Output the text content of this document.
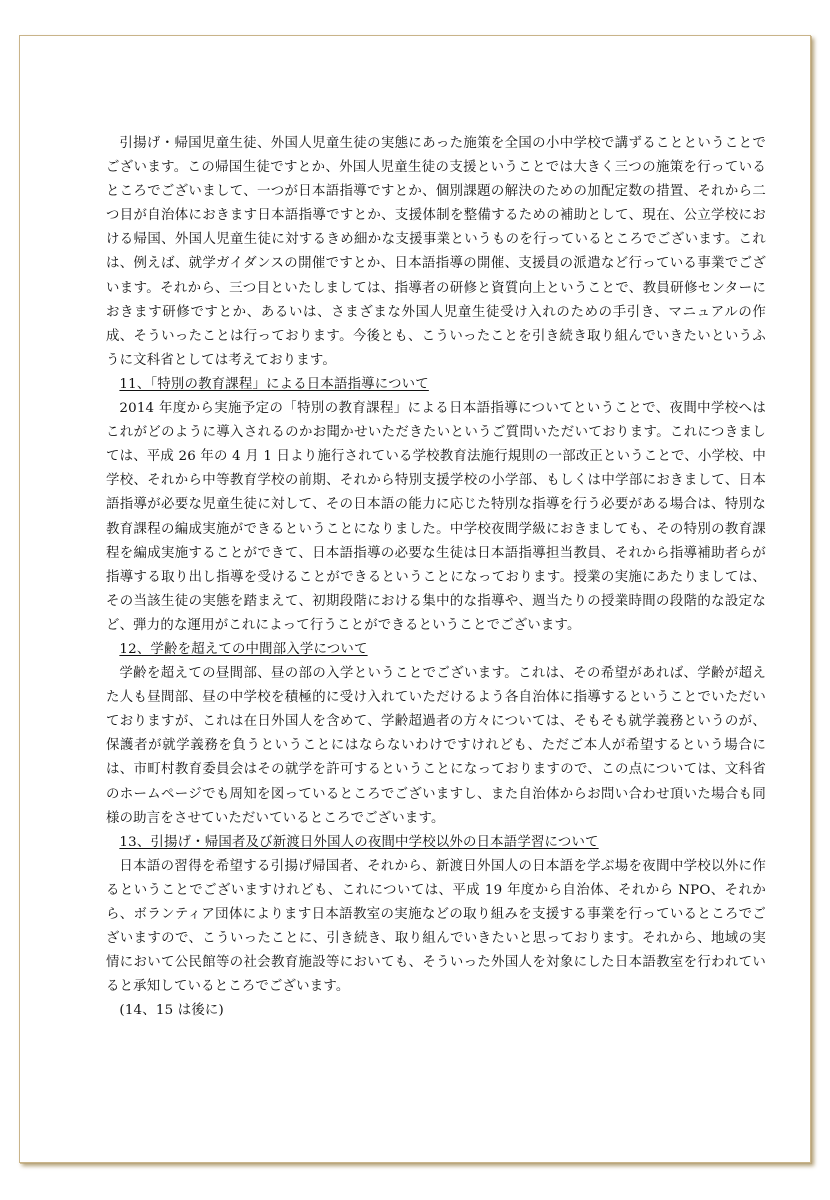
引揚げ・帰国児童生徒、外国人児童生徒の実態にあった施策を全国の小中学校で講ずることということでございます。この帰国生徒ですとか、外国人児童生徒の支援ということでは大きく三つの施策を行っているところでございまして、一つが日本語指導ですとか、個別課題の解決のための加配定数の措置、それから二つ目が自治体におきます日本語指導ですとか、支援体制を整備するための補助として、現在、公立学校における帰国、外国人児童生徒に対するきめ細かな支援事業というものを行っているところでございます。これは、例えば、就学ガイダンスの開催ですとか、日本語指導の開催、支援員の派遣など行っている事業でございます。それから、三つ目といたしましては、指導者の研修と資質向上ということで、教員研修センターにおきます研修ですとか、あるいは、さまざまな外国人児童生徒受け入れのための手引き、マニュアルの作成、そういったことは行っております。今後とも、こういったことを引き続き取り組んでいきたいというふうに文科省としては考えております。

11、「特別の教育課程」による日本語指導について

2014 年度から実施予定の「特別の教育課程」による日本語指導についてということで、夜間中学校へはこれがどのように導入されるのかお聞かせいただきたいというご質問いただいております。これにつきましては、平成 26 年の 4 月 1 日より施行されている学校教育法施行規則の一部改正ということで、小学校、中学校、それから中等教育学校の前期、それから特別支援学校の小学部、もしくは中学部におきまして、日本語指導が必要な児童生徒に対して、その日本語の能力に応じた特別な指導を行う必要がある場合は、特別な教育課程の編成実施ができるということになりました。中学校夜間学級におきましても、その特別の教育課程を編成実施することができて、日本語指導の必要な生徒は日本語指導担当教員、それから指導補助者らが指導する取り出し指導を受けることができるということになっております。授業の実施にあたりましては、その当該生徒の実態を踏まえて、初期段階における集中的な指導や、週当たりの授業時間の段階的な設定など、弾力的な運用がこれによって行うことができるということでございます。

12、学齢を超えての中間部入学について

学齢を超えての昼間部、昼の部の入学ということでございます。これは、その希望があれば、学齢が超えた人も昼間部、昼の中学校を積極的に受け入れていただけるよう各自治体に指導するということでいただいておりますが、これは在日外国人を含めて、学齢超過者の方々については、そもそも就学義務というのが、保護者が就学義務を負うということにはならないわけですけれども、ただご本人が希望するという場合には、市町村教育委員会はその就学を許可するということになっておりますので、この点については、文科省のホームページでも周知を図っているところでございますし、また自治体からお問い合わせ頂いた場合も同様の助言をさせていただいているところでございます。

13、引揚げ・帰国者及び新渡日外国人の夜間中学校以外の日本語学習について

日本語の習得を希望する引揚げ帰国者、それから、新渡日外国人の日本語を学ぶ場を夜間中学校以外に作るということでございますけれども、これについては、平成 19 年度から自治体、それから NPO、それから、ボランティア団体によります日本語教室の実施などの取り組みを支援する事業を行っているところでございますので、こういったことに、引き続き、取り組んでいきたいと思っております。それから、地域の実情において公民館等の社会教育施設等においても、そういった外国人を対象にした日本語教室を行われていると承知しているところでございます。

(14、15 は後に)
